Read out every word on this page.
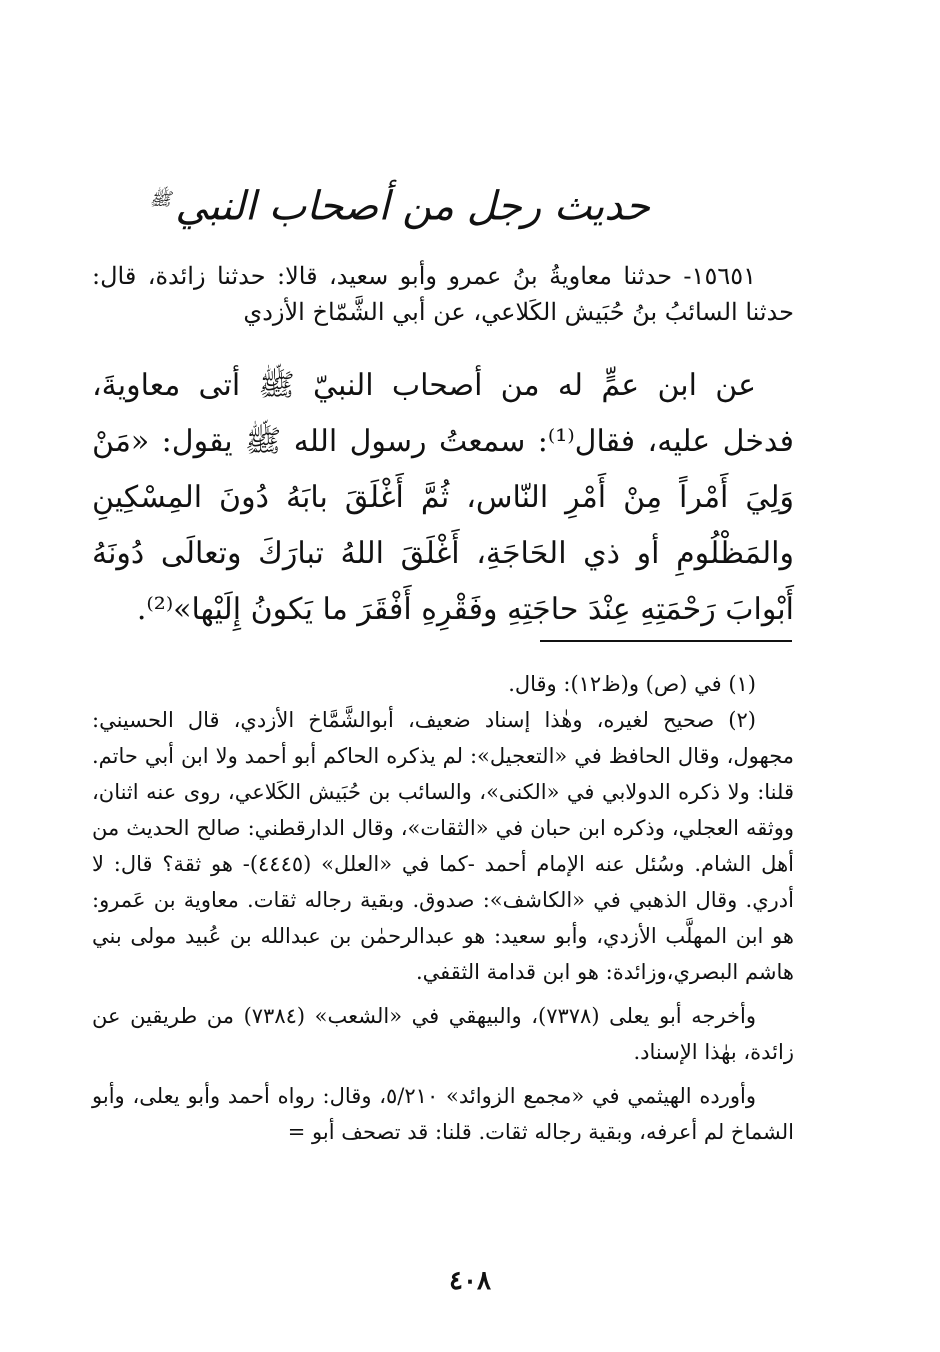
حديث رجل من أصحاب النبي$^ﷺ$

١٥٦٥١- حدثنا معاويةُ بنُ عمرو وأبو سعيد، قالا: حدثنا زائدة، قال: حدثنا السائبُ بنُ حُبَيش الكَلاعي، عن أبي الشَّمّاخ الأزدي

عن ابن عمٍّ له من أصحاب النبيّ ﷺ أتى معاويةَ، فدخل عليه، فقال⁽¹⁾: سمعتُ رسول الله ﷺ يقول: «مَنْ وَلِيَ أَمْراً مِنْ أَمْرِ النّاس، ثُمَّ أَغْلَقَ بابَهُ دُونَ المِسْكِينِ والمَظْلُومِ أو ذي الحَاجَةِ، أَغْلَقَ اللهُ تبارَكَ وتعالَى دُونَهُ أَبْوابَ رَحْمَتِهِ عِنْدَ حاجَتِهِ وفَقْرِهِ أَفْقَرَ ما يَكونُ إِلَيْها»⁽²⁾.

(١) في (ص) و(ظ١٢): وقال.

(٢) صحيح لغيره، وهٰذا إسناد ضعيف، أبوالشَّمَّاخ الأزدي، قال الحسيني: مجهول، وقال الحافظ في «التعجيل»: لم يذكره الحاكم أبو أحمد ولا ابن أبي حاتم. قلنا: ولا ذكره الدولابي في «الكنى»، والسائب بن حُبَيش الكَلاعي، روى عنه اثنان، ووثقه العجلي، وذكره ابن حبان في «الثقات»، وقال الدارقطني: صالح الحديث من أهل الشام. وسُئل عنه الإمام أحمد -كما في «العلل» (٤٤٤٥)- هو ثقة؟ قال: لا أدري. وقال الذهبي في «الكاشف»: صدوق. وبقية رجاله ثقات. معاوية بن عَمرو: هو ابن المهلَّب الأزدي، وأبو سعيد: هو عبدالرحمٰن بن عبدالله بن عُبيد مولى بني هاشم البصري،وزائدة: هو ابن قدامة الثقفي.

وأخرجه أبو يعلى (٧٣٧٨)، والبيهقي في «الشعب» (٧٣٨٤) من طريقين عن زائدة، بهٰذا الإسناد.

وأورده الهيثمي في «مجمع الزوائد» ٥/٢١٠، وقال: رواه أحمد وأبو يعلى، وأبو الشماخ لم أعرفه، وبقية رجاله ثقات. قلنا: قد تصحف أبو =

٤٠٨
